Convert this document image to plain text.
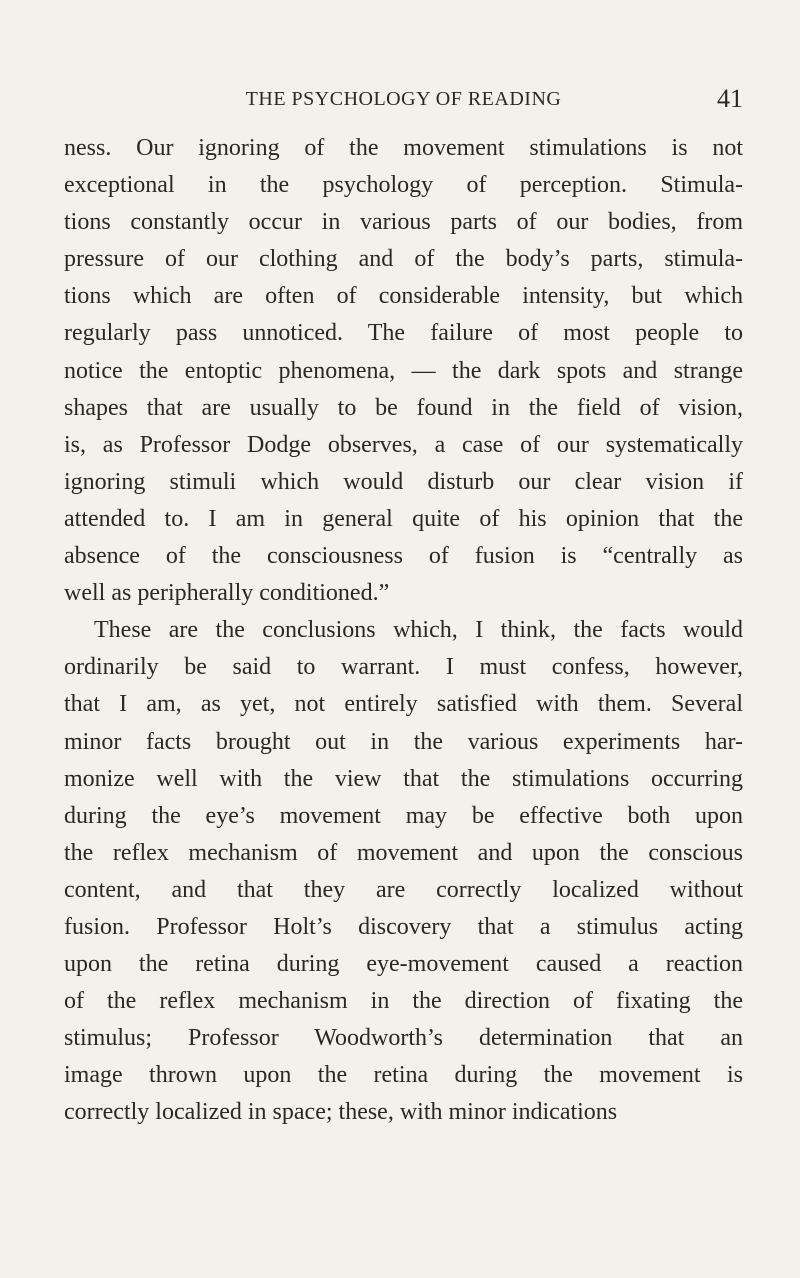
THE PSYCHOLOGY OF READING	41
ness. Our ignoring of the movement stimulations is not
exceptional in the psychology of perception. Stimula-
tions constantly occur in various parts of our bodies, from
pressure of our clothing and of the body’s parts, stimula-
tions which are often of considerable intensity, but which
regularly pass unnoticed. The failure of most people to
notice the entoptic phenomena, — the dark spots and strange
shapes that are usually to be found in the field of vision,
is, as Professor Dodge observes, a case of our systematically
ignoring stimuli which would disturb our clear vision if
attended to. I am in general quite of his opinion that the
absence of the consciousness of fusion is “centrally as
well as peripherally conditioned.”
These are the conclusions which, I think, the facts would
ordinarily be said to warrant. I must confess, however,
that I am, as yet, not entirely satisfied with them. Several
minor facts brought out in the various experiments har-
monize well with the view that the stimulations occurring
during the eye’s movement may be effective both upon
the reflex mechanism of movement and upon the conscious
content, and that they are correctly localized without
fusion. Professor Holt’s discovery that a stimulus acting
upon the retina during eye-movement caused a reaction
of the reflex mechanism in the direction of fixating the
stimulus; Professor Woodworth’s determination that an
image thrown upon the retina during the movement is
correctly localized in space; these, with minor indications
